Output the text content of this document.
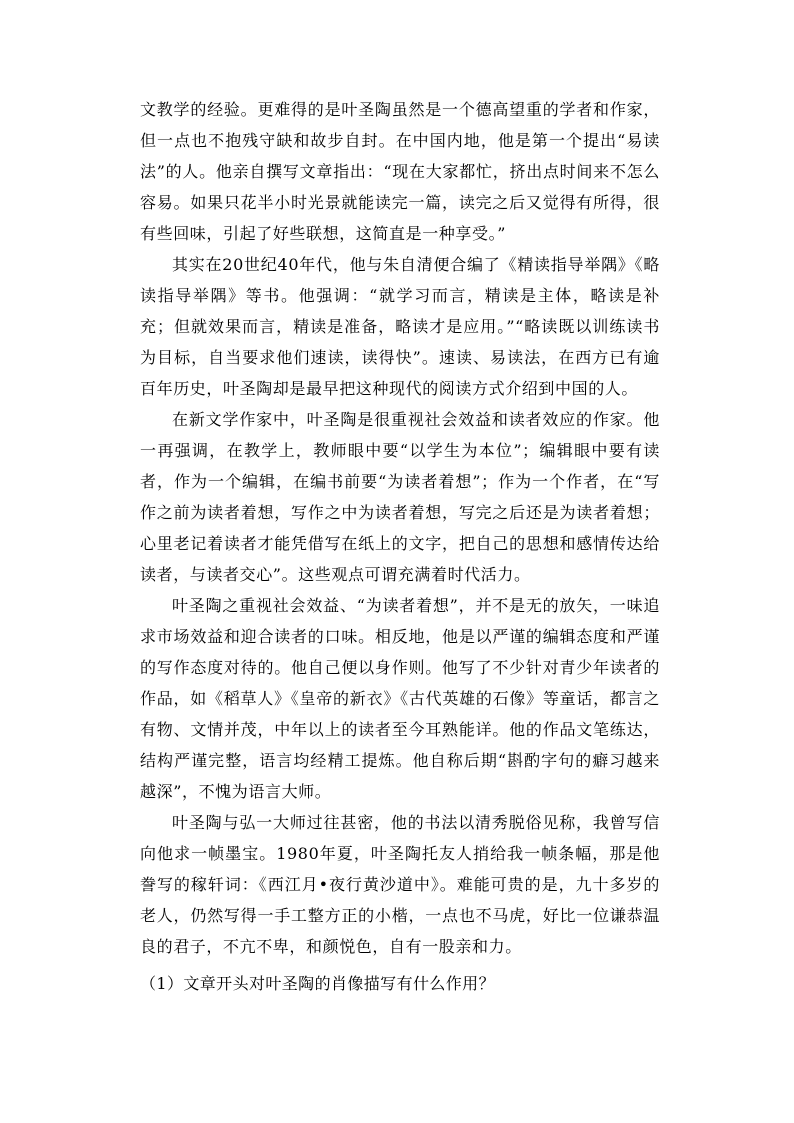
文教学的经验。更难得的是叶圣陶虽然是一个德高望重的学者和作家，但一点也不抱残守缺和故步自封。在中国内地，他是第一个提出“易读法”的人。他亲自撰写文章指出：“现在大家都忙，挤出点时间来不怎么容易。如果只花半小时光景就能读完一篇，读完之后又觉得有所得，很有些回味，引起了好些联想，这简直是一种享受。”

其实在20世纪40年代，他与朱自清便合编了《精读指导举隅》《略读指导举隅》等书。他强调：“就学习而言，精读是主体，略读是补充；但就效果而言，精读是准备，略读才是应用。”“略读既以训练读书为目标，自当要求他们速读，读得快”。速读、易读法，在西方已有逾百年历史，叶圣陶却是最早把这种现代的阅读方式介绍到中国的人。

在新文学作家中，叶圣陶是很重视社会效益和读者效应的作家。他一再强调，在教学上，教师眼中要“以学生为本位”；编辑眼中要有读者，作为一个编辑，在编书前要“为读者着想”；作为一个作者，在“写作之前为读者着想，写作之中为读者着想，写完之后还是为读者着想；心里老记着读者才能凭借写在纸上的文字，把自己的思想和感情传达给读者，与读者交心”。这些观点可谓充满着时代活力。

叶圣陶之重视社会效益、“为读者着想”，并不是无的放矢，一味追求市场效益和迎合读者的口味。相反地，他是以严谨的编辑态度和严谨的写作态度对待的。他自己便以身作则。他写了不少针对青少年读者的作品，如《稻草人》《皇帝的新衣》《古代英雄的石像》等童话，都言之有物、文情并茂，中年以上的读者至今耳熟能详。他的作品文笔练达，结构严谨完整，语言均经精工提炼。他自称后期“斟酌字句的癖习越来越深”，不愧为语言大师。

叶圣陶与弘一大师过往甚密，他的书法以清秀脱俗见称，我曾写信向他求一帧墨宝。1980年夏，叶圣陶托友人捎给我一帧条幅，那是他誊写的稼轩词：《西江月•夜行黄沙道中》。难能可贵的是，九十多岁的老人，仍然写得一手工整方正的小楷，一点也不马虎，好比一位谦恭温良的君子，不亢不卑，和颜悦色，自有一股亲和力。

（1）文章开头对叶圣陶的肖像描写有什么作用？
